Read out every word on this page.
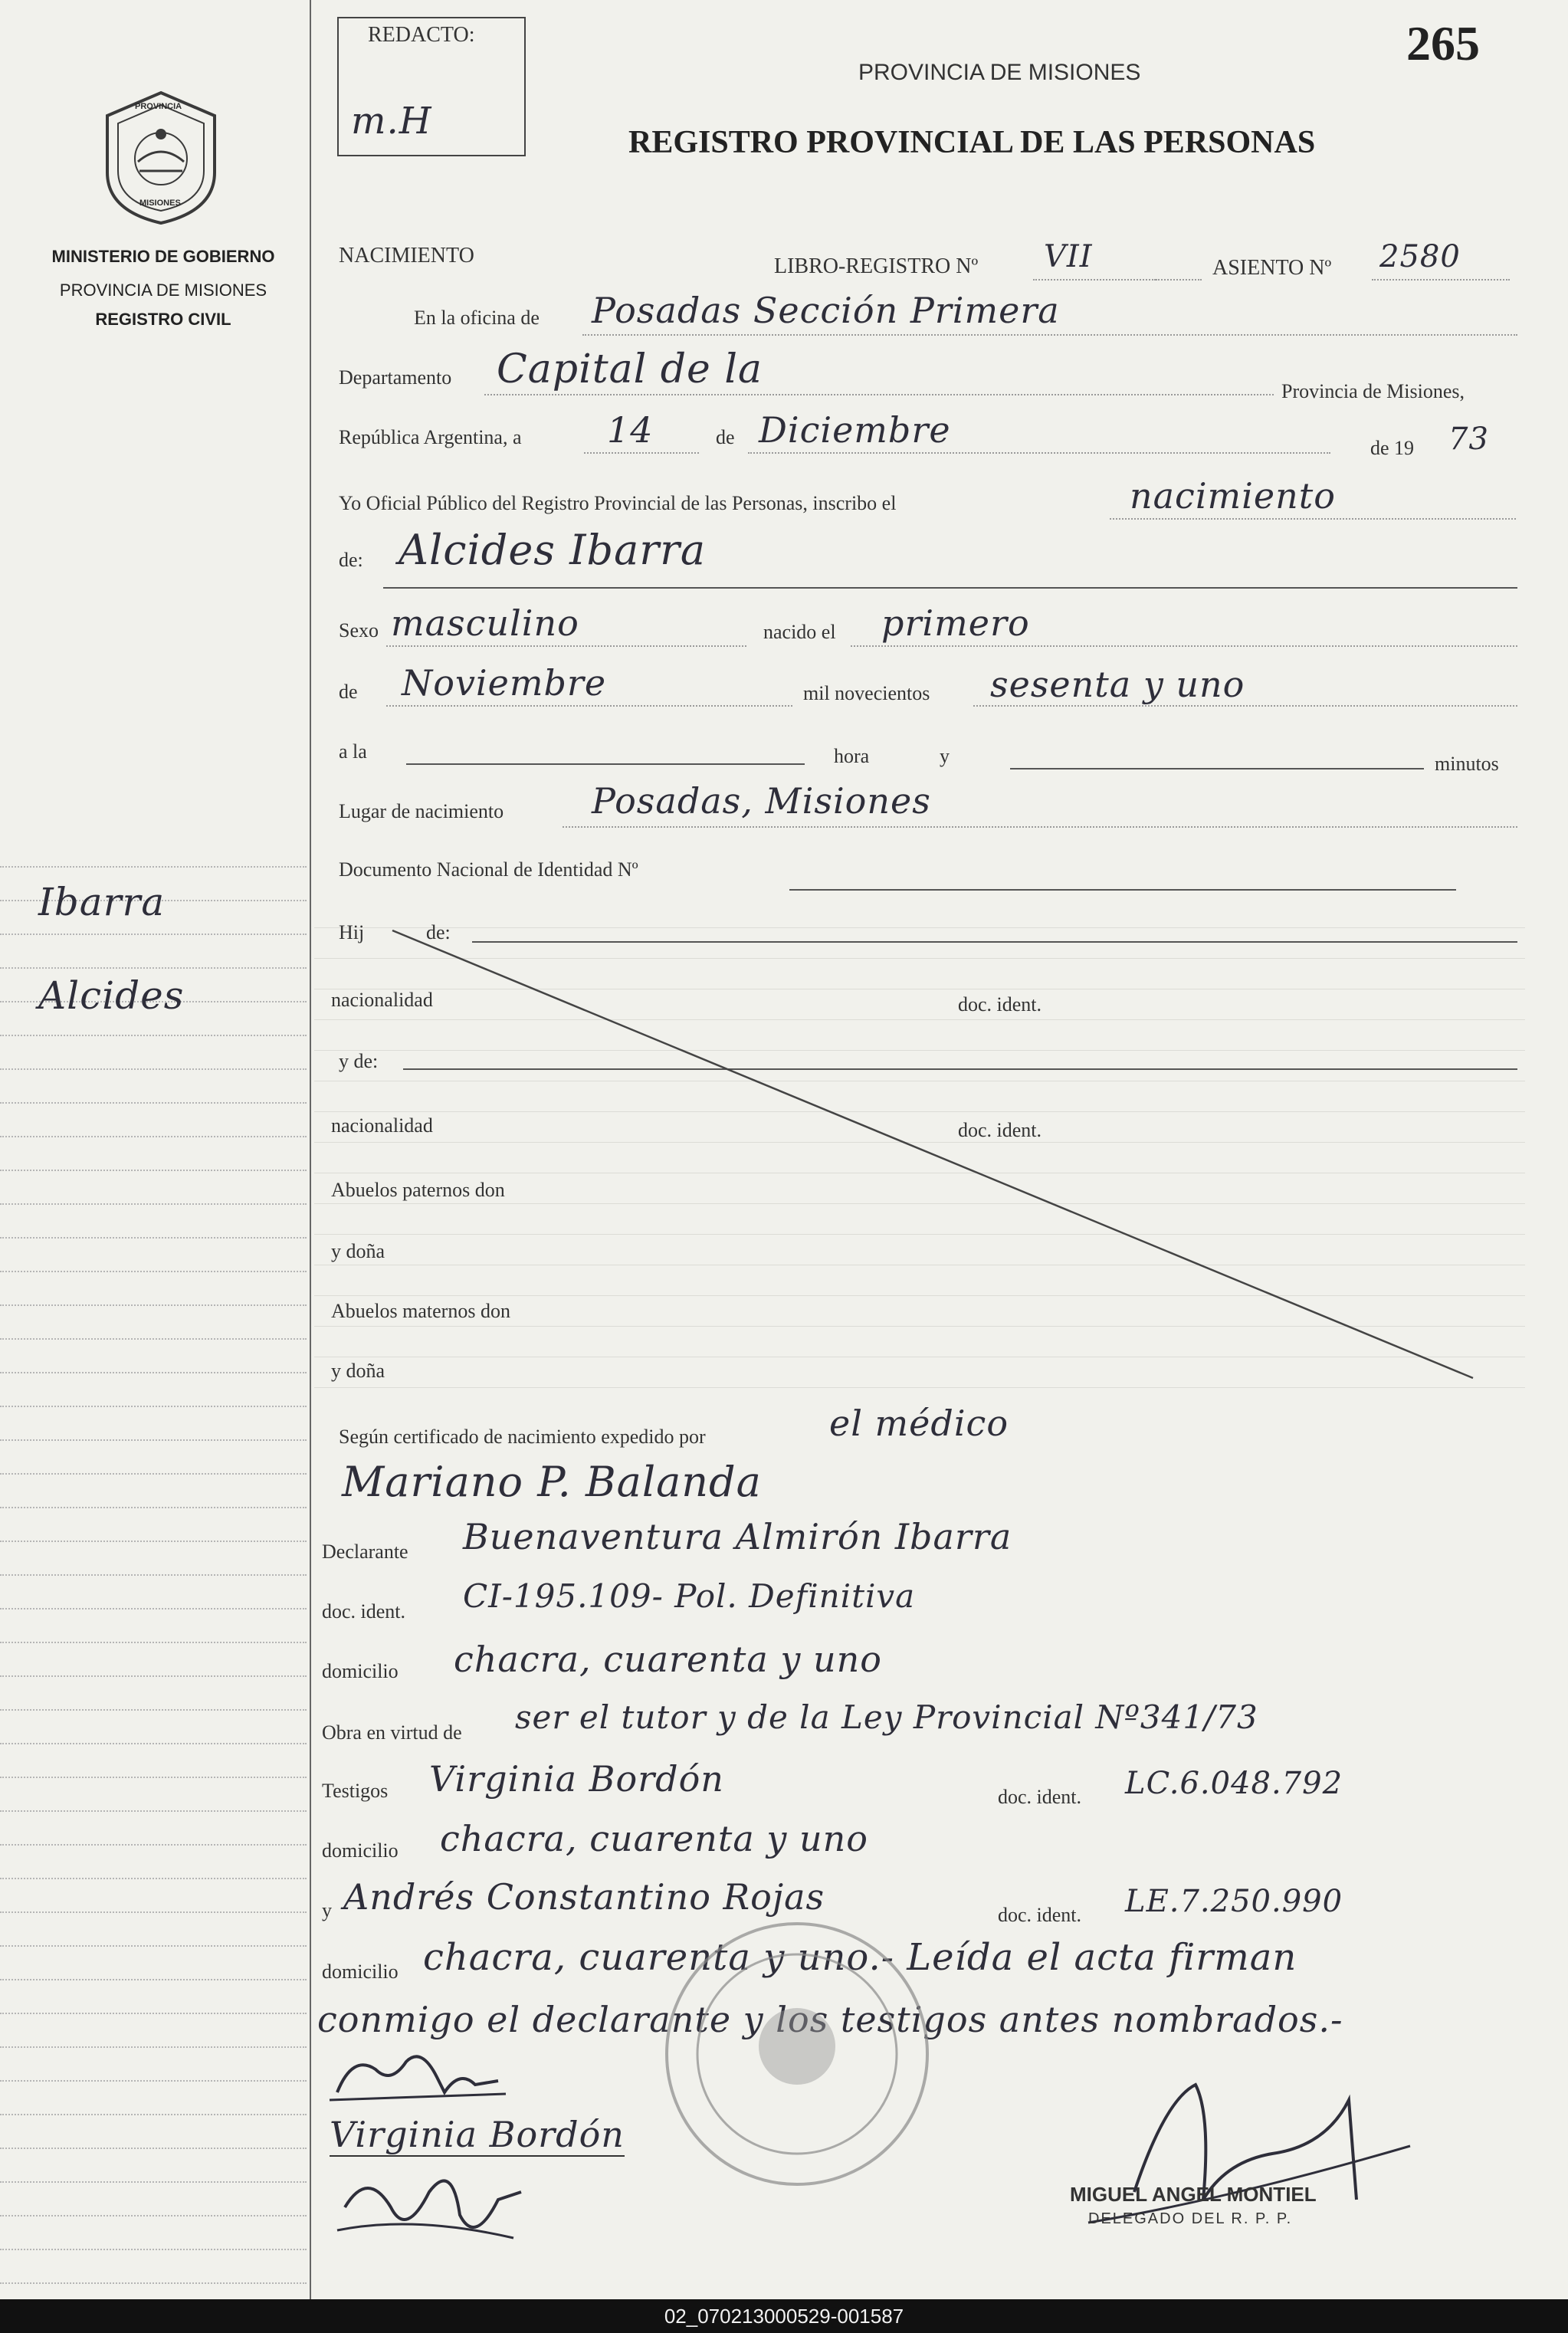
PROVINCIA
MISIONES
MINISTERIO DE GOBIERNO
PROVINCIA DE MISIONES
REGISTRO CIVIL
Ibarra
Alcides
REDACTO:
m.H
265
PROVINCIA DE MISIONES
REGISTRO PROVINCIAL DE LAS PERSONAS
NACIMIENTO	LIBRO-REGISTRO Nº VII	ASIENTO Nº 2580
En la oficina de Posadas Sección Primera
Departamento Capital de la	Provincia de Misiones,
República Argentina, a 14	de Diciembre	de 19 73
Yo Oficial Público del Registro Provincial de las Personas, inscribo el	nacimiento
de: Alcides Ibarra
Sexo masculino	nacido el primero
de Noviembre	mil novecientos sesenta y uno
a la	hora	y	minutos
Lugar de nacimiento Posadas, Misiones
Documento Nacional de Identidad Nº
Hij	de:
nacionalidad	doc. ident.
y de:
nacionalidad	doc. ident.
Abuelos paternos don
y doña
Abuelos maternos don
y doña
Según certificado de nacimiento expedido por	el médico
Mariano P. Balanda
Declarante Buenaventura Almirón Ibarra
doc. ident. CI-195.109- Pol. Definitiva
domicilio chacra, cuarenta y uno
Obra en virtud de ser el tutor y de la Ley Provincial Nº341/73
Testigos Virginia Bordón	doc. ident. LC.6.048.792
domicilio chacra, cuarenta y uno
y Andrés Constantino Rojas	doc. ident. LE.7.250.990
domicilio chacra, cuarenta y uno.- Leída el acta firman
conmigo el declarante y los testigos antes nombrados.-
Virginia Bordón
MIGUEL ANGEL MONTIEL
DELEGADO DEL R. P. P.
02_070213000529-001587
